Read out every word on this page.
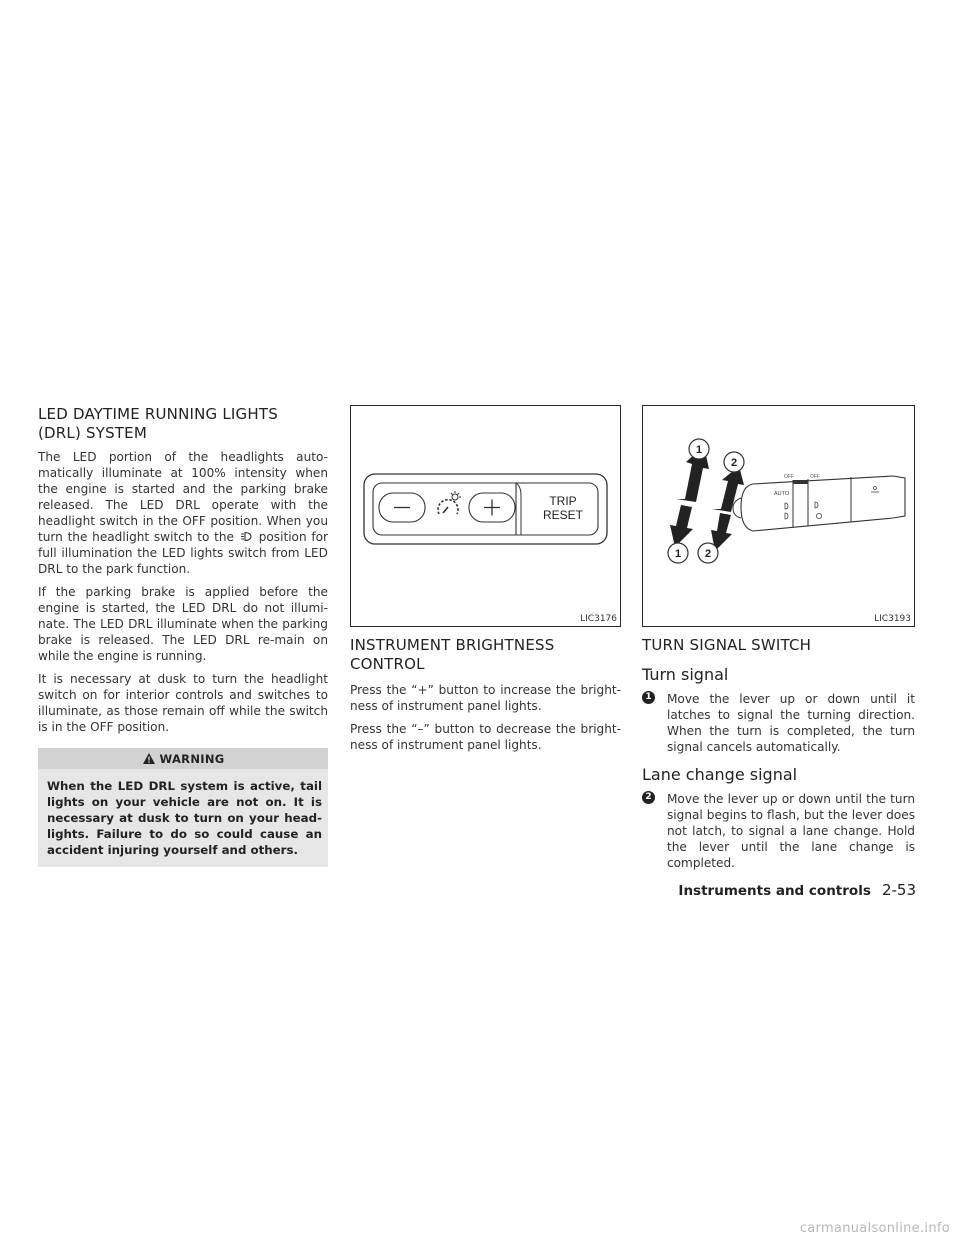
LED DAYTIME RUNNING LIGHTS
(DRL) SYSTEM

The LED portion of the headlights auto-matically illuminate at 100% intensity when the engine is started and the parking brake released. The LED DRL operate with the headlight switch in the OFF position. When you turn the headlight switch to the position for full illumination the LED lights switch from LED DRL to the park function.

If the parking brake is applied before the engine is started, the LED DRL do not illumi-nate. The LED DRL illuminate when the parking brake is released. The LED DRL re-main on while the engine is running.

It is necessary at dusk to turn the headlight switch on for interior controls and switches to illuminate, as those remain off while the switch is in the OFF position.

WARNING
When the LED DRL system is active, tail lights on your vehicle are not on. It is necessary at dusk to turn on your head-lights. Failure to do so could cause an accident injuring yourself and others.
TRIP
RESET
LIC3176
INSTRUMENT BRIGHTNESS
CONTROL

Press the “+” button to increase the bright-ness of instrument panel lights.

Press the “–” button to decrease the bright-ness of instrument panel lights.

OFF	OFF
AUTO
1
2
1 2
LIC3193
TURN SIGNAL SWITCH
Turn signal
1 Move the lever up or down until it latches to signal the turning direction. When the turn is completed, the turn signal cancels automatically.
Lane change signal
2 Move the lever up or down until the turn signal begins to flash, but the lever does not latch, to signal a lane change. Hold the lever until the lane change is completed.
Instruments and controls 2-53
carmanualsonline.info
